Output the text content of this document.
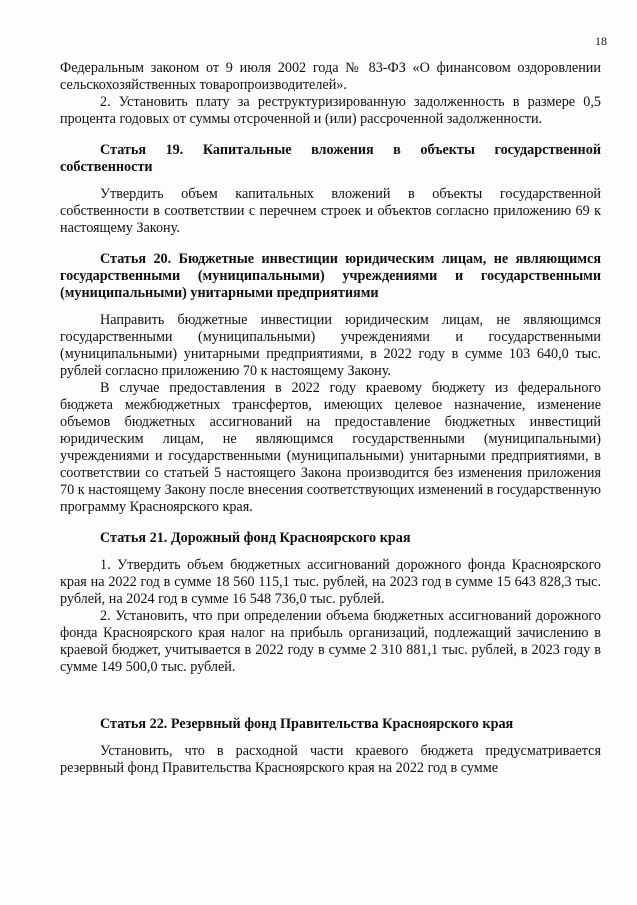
18

Федеральным законом от 9 июля 2002 года № 83-ФЗ «О финансовом оздоровлении сельскохозяйственных товаропроизводителей».

2. Установить плату за реструктуризированную задолженность в размере 0,5 процента годовых от суммы отсроченной и (или) рассроченной задолженности.

Статья 19. Капитальные вложения в объекты государственной собственности

Утвердить объем капитальных вложений в объекты государственной собственности в соответствии с перечнем строек и объектов согласно приложению 69 к настоящему Закону.

Статья 20. Бюджетные инвестиции юридическим лицам, не являющимся государственными (муниципальными) учреждениями и государственными (муниципальными) унитарными предприятиями

Направить бюджетные инвестиции юридическим лицам, не являющимся государственными (муниципальными) учреждениями и государственными (муниципальными) унитарными предприятиями, в 2022 году в сумме 103 640,0 тыс. рублей согласно приложению 70 к настоящему Закону.

В случае предоставления в 2022 году краевому бюджету из федерального бюджета межбюджетных трансфертов, имеющих целевое назначение, изменение объемов бюджетных ассигнований на предоставление бюджетных инвестиций юридическим лицам, не являющимся государственными (муниципальными) учреждениями и государственными (муниципальными) унитарными предприятиями, в соответствии со статьей 5 настоящего Закона производится без изменения приложения 70 к настоящему Закону после внесения соответствующих изменений в государственную программу Красноярского края.

Статья 21. Дорожный фонд Красноярского края

1. Утвердить объем бюджетных ассигнований дорожного фонда Красноярского края на 2022 год в сумме 18 560 115,1 тыс. рублей, на 2023 год в сумме 15 643 828,3 тыс. рублей, на 2024 год в сумме 16 548 736,0 тыс. рублей.

2. Установить, что при определении объема бюджетных ассигнований дорожного фонда Красноярского края налог на прибыль организаций, подлежащий зачислению в краевой бюджет, учитывается в 2022 году в сумме 2 310 881,1 тыс. рублей, в 2023 году в сумме 149 500,0 тыс. рублей.

Статья 22. Резервный фонд Правительства Красноярского края

Установить, что в расходной части краевого бюджета предусматривается резервный фонд Правительства Красноярского края на 2022 год в сумме
